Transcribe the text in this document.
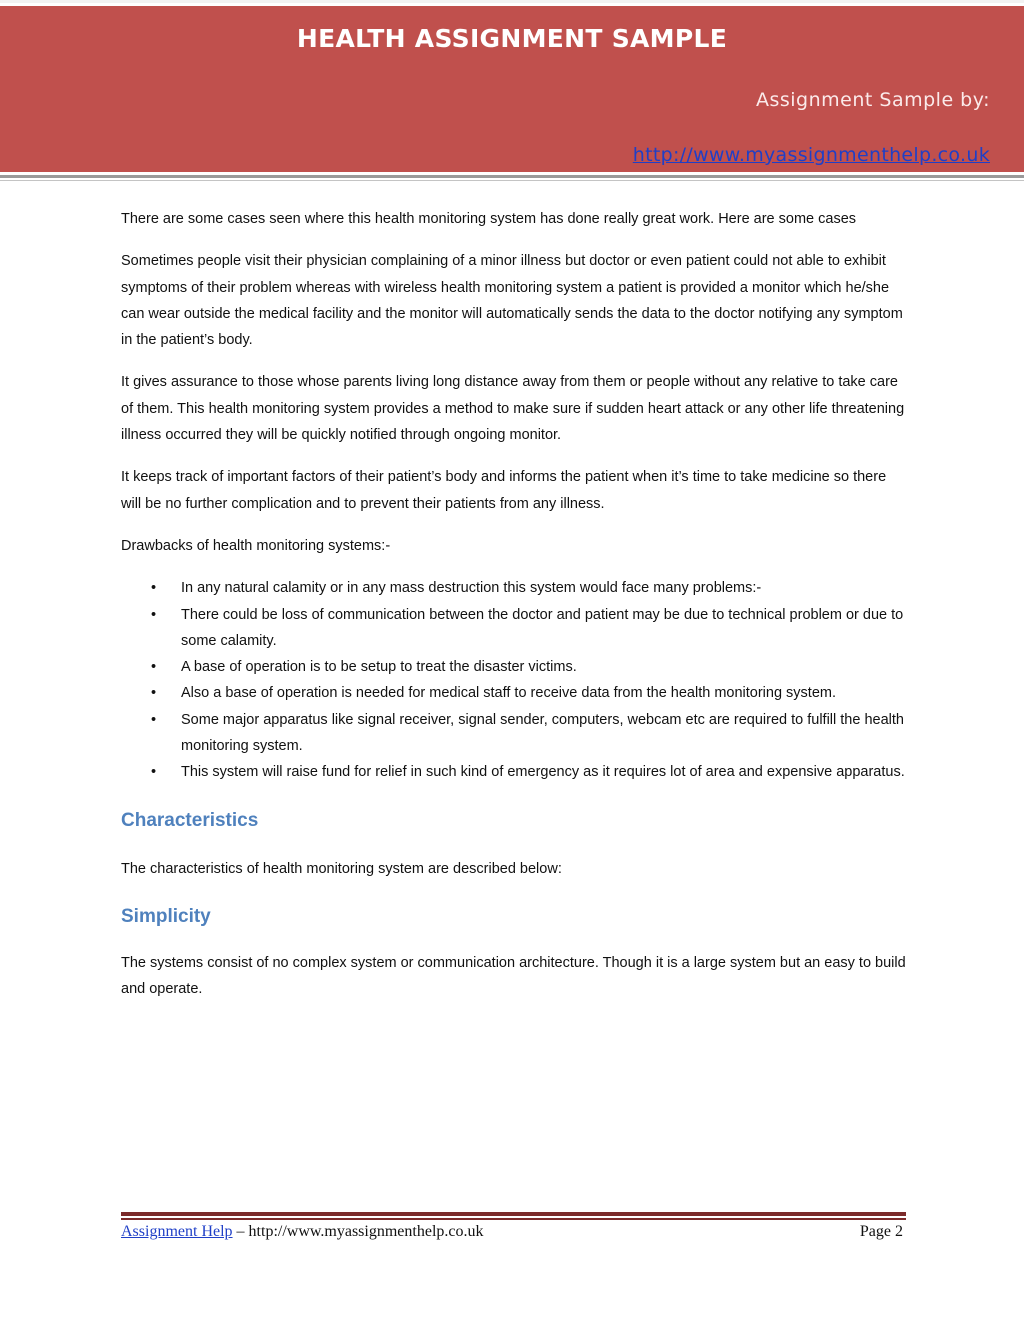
HEALTH ASSIGNMENT SAMPLE
Assignment Sample by:
http://www.myassignmenthelp.co.uk

There are some cases seen where this health monitoring system has done really great work. Here are some cases

Sometimes people visit their physician complaining of a minor illness but doctor or even patient could not able to exhibit symptoms of their problem whereas with wireless health monitoring system a patient is provided a monitor which he/she can wear outside the medical facility and the monitor will automatically sends the data to the doctor notifying any symptom in the patient’s body.

It gives assurance to those whose parents living long distance away from them or people without any relative to take care of them. This health monitoring system provides a method to make sure if sudden heart attack or any other life threatening illness occurred they will be quickly notified through ongoing monitor.

It keeps track of important factors of their patient’s body and informs the patient when it’s time to take medicine so there will be no further complication and to prevent their patients from any illness.

Drawbacks of health monitoring systems:-

• In any natural calamity or in any mass destruction this system would face many problems:-
• There could be loss of communication between the doctor and patient may be due to technical problem or due to some calamity.
• A base of operation is to be setup to treat the disaster victims.
• Also a base of operation is needed for medical staff to receive data from the health monitoring system.
• Some major apparatus like signal receiver, signal sender, computers, webcam etc are required to fulfill the health monitoring system.
• This system will raise fund for relief in such kind of emergency as it requires lot of area and expensive apparatus.
Characteristics

The characteristics of health monitoring system are described below:

Simplicity

The systems consist of no complex system or communication architecture. Though it is a large system but an easy to build and operate.

Assignment Help – http://www.myassignmenthelp.co.uk	Page 2
